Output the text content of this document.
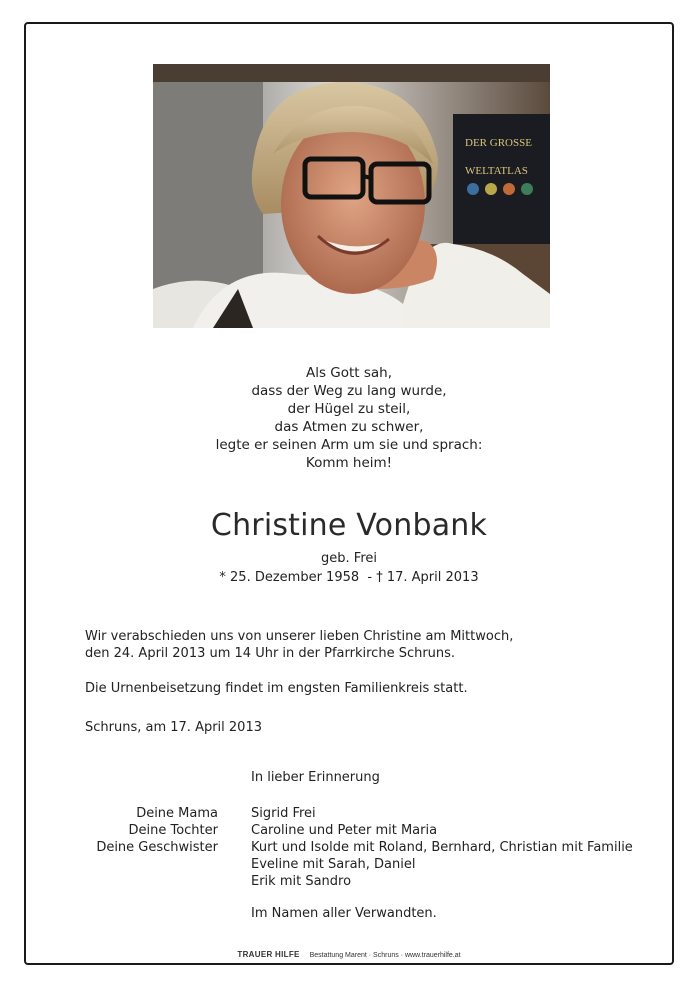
DER GROSSE
WELTATLAS
Als Gott sah,
dass der Weg zu lang wurde,
der Hügel zu steil,
das Atmen zu schwer,
legte er seinen Arm um sie und sprach:
Komm heim!
Christine Vonbank
geb. Frei
* 25. Dezember 1958  - † 17. April 2013
Wir verabschieden uns von unserer lieben Christine am Mittwoch,
den 24. April 2013 um 14 Uhr in der Pfarrkirche Schruns.
Die Urnenbeisetzung findet im engsten Familienkreis statt.
Schruns, am 17. April 2013
In lieber Erinnerung
Deine Mama
Deine Tochter
Deine Geschwister
Sigrid Frei
Caroline und Peter mit Maria
Kurt und Isolde mit Roland, Bernhard, Christian mit Familie
Eveline mit Sarah, Daniel
Erik mit Sandro
Im Namen aller Verwandten.
TRAUER HILFE Bestattung Marent · Schruns · www.trauerhilfe.at
